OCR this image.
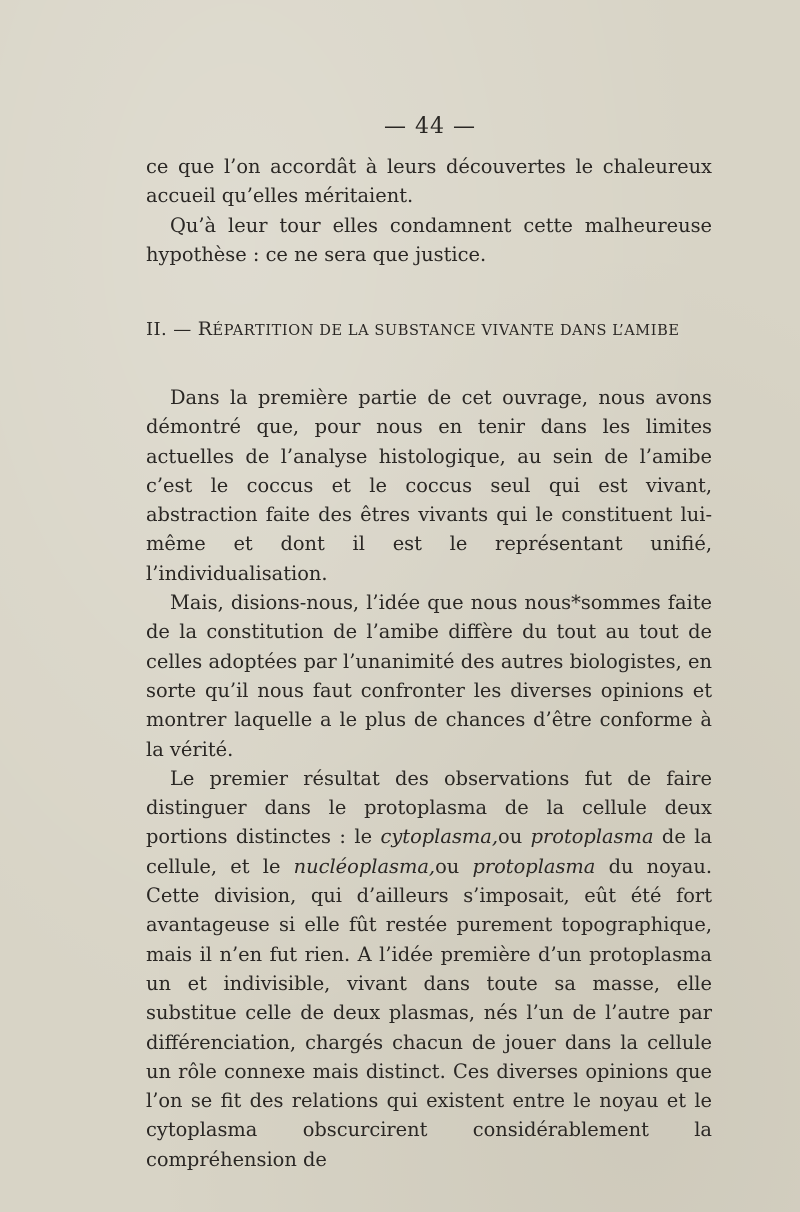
— 44 —

ce que l’on accordât à leurs découvertes le chaleureux accueil qu’elles méritaient.

Qu’à leur tour elles condamnent cette malheureuse hypothèse : ce ne sera que justice.

II. — RÉPARTITION DE LA SUBSTANCE VIVANTE DANS L’AMIBE

Dans la première partie de cet ouvrage, nous avons démontré que, pour nous en tenir dans les limites actuelles de l’analyse histologique, au sein de l’amibe c’est le coccus et le coccus seul qui est vivant, abstraction faite des êtres vivants qui le constituent lui-même et dont il est le représentant unifié, l’individualisation.

Mais, disions-nous, l’idée que nous nous*sommes faite de la constitution de l’amibe diffère du tout au tout de celles adoptées par l’unanimité des autres biologistes, en sorte qu’il nous faut confronter les diverses opinions et montrer laquelle a le plus de chances d’être conforme à la vérité.

Le premier résultat des observations fut de faire distinguer dans le protoplasma de la cellule deux portions distinctes : le cytoplasma,ou protoplasma de la cellule, et le nucléoplasma,ou protoplasma du noyau. Cette division, qui d’ailleurs s’imposait, eût été fort avantageuse si elle fût restée purement topographique, mais il n’en fut rien. A l’idée première d’un protoplasma un et indivisible, vivant dans toute sa masse, elle substitue celle de deux plasmas, nés l’un de l’autre par différenciation, chargés chacun de jouer dans la cellule un rôle connexe mais distinct. Ces diverses opinions que l’on se fit des relations qui existent entre le noyau et le cytoplasma obscurcirent considérablement la compréhension de
